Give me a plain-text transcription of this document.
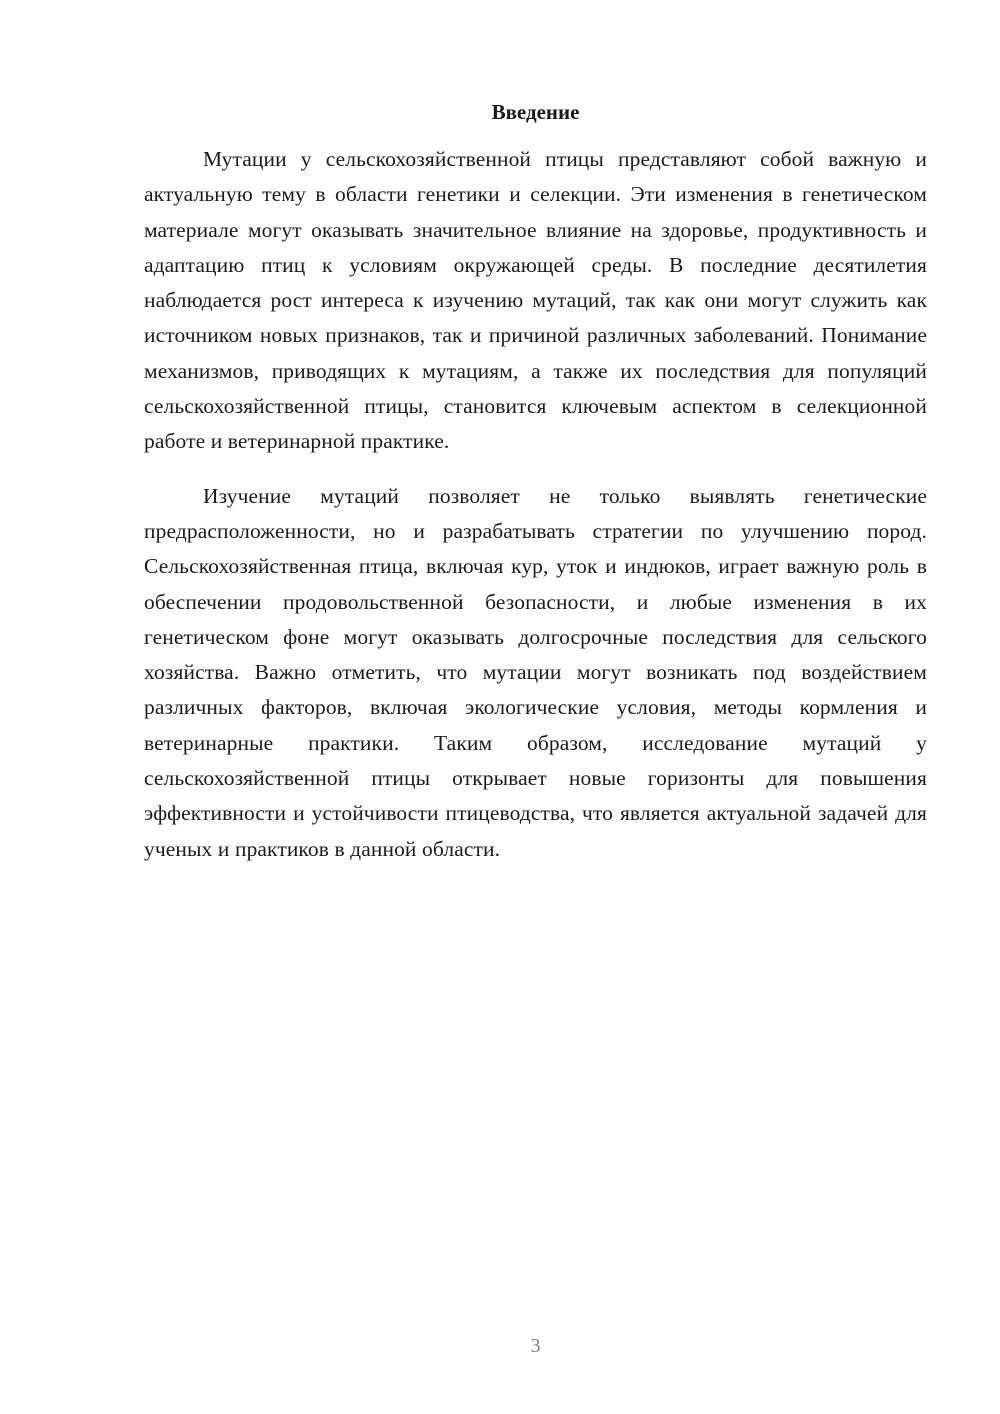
Введение

Мутации у сельскохозяйственной птицы представляют собой важную и актуальную тему в области генетики и селекции. Эти изменения в генетическом материале могут оказывать значительное влияние на здоровье, продуктивность и адаптацию птиц к условиям окружающей среды. В последние десятилетия наблюдается рост интереса к изучению мутаций, так как они могут служить как источником новых признаков, так и причиной различных заболеваний. Понимание механизмов, приводящих к мутациям, а также их последствия для популяций сельскохозяйственной птицы, становится ключевым аспектом в селекционной работе и ветеринарной практике.

Изучение мутаций позволяет не только выявлять генетические предрасположенности, но и разрабатывать стратегии по улучшению пород. Сельскохозяйственная птица, включая кур, уток и индюков, играет важную роль в обеспечении продовольственной безопасности, и любые изменения в их генетическом фоне могут оказывать долгосрочные последствия для сельского хозяйства. Важно отметить, что мутации могут возникать под воздействием различных факторов, включая экологические условия, методы кормления и ветеринарные практики. Таким образом, исследование мутаций у сельскохозяйственной птицы открывает новые горизонты для повышения эффективности и устойчивости птицеводства, что является актуальной задачей для ученых и практиков в данной области.

3
